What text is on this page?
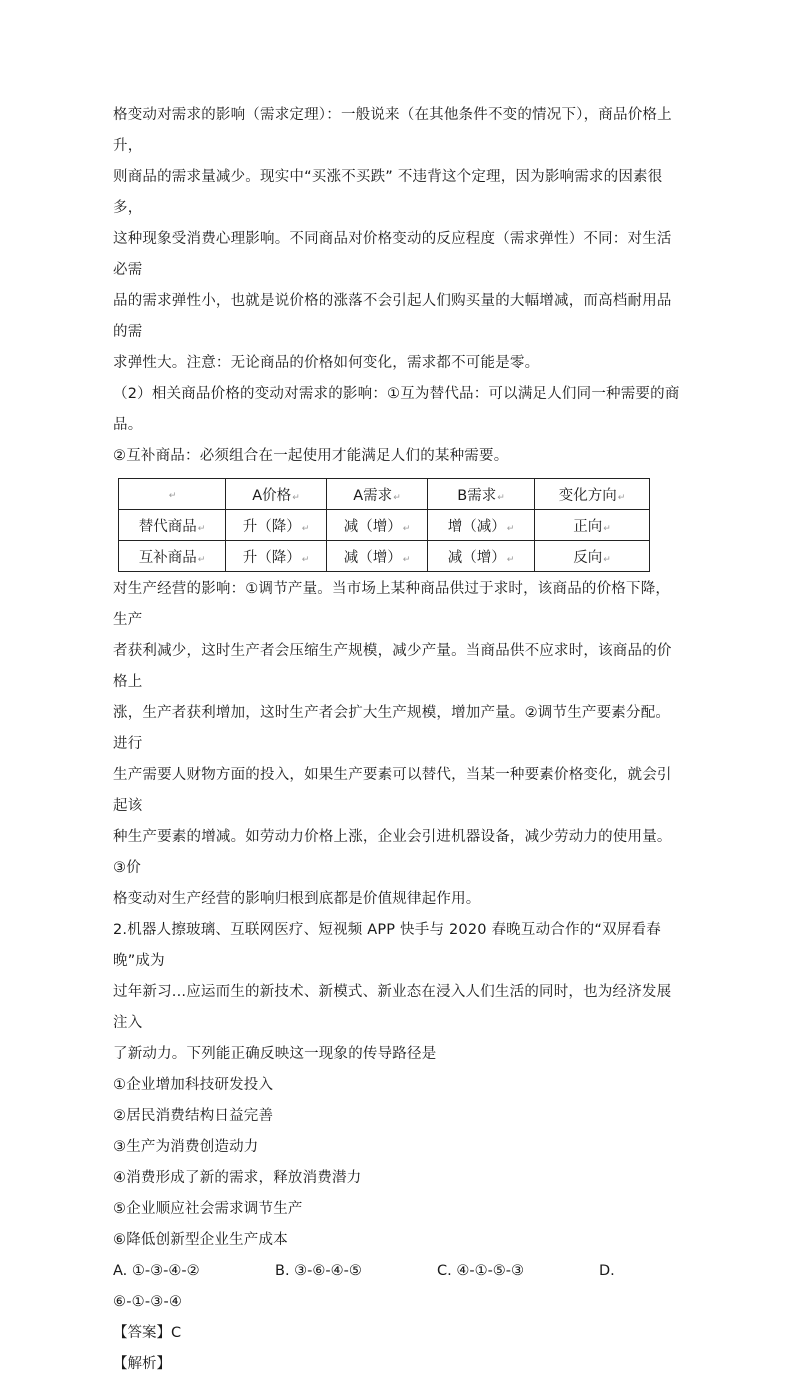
格变动对需求的影响（需求定理）：一般说来（在其他条件不变的情况下），商品价格上升，

则商品的需求量减少。现实中“买涨不买跌” 不违背这个定理，因为影响需求的因素很多，

这种现象受消费心理影响。不同商品对价格变动的反应程度（需求弹性）不同：对生活必需

品的需求弹性小，也就是说价格的涨落不会引起人们购买量的大幅增减，而高档耐用品的需

求弹性大。注意：无论商品的价格如何变化，需求都不可能是零。

（2）相关商品价格的变动对需求的影响：①互为替代品：可以满足人们同一种需要的商品。

②互补商品：必须组合在一起使用才能满足人们的某种需要。

↵	A价格↵	A需求↵	B需求↵	变化方向↵
替代商品↵	升（降）↵	减（增）↵	增（减）↵	正向↵
互补商品↵	升（降）↵	减（增）↵	减（增）↵	反向↵

对生产经营的影响：①调节产量。当市场上某种商品供过于求时，该商品的价格下降，生产

者获利减少，这时生产者会压缩生产规模，减少产量。当商品供不应求时，该商品的价格上

涨，生产者获利增加，这时生产者会扩大生产规模，增加产量。②调节生产要素分配。进行

生产需要人财物方面的投入，如果生产要素可以替代，当某一种要素价格变化，就会引起该

种生产要素的增减。如劳动力价格上涨，企业会引进机器设备，减少劳动力的使用量。③价

格变动对生产经营的影响归根到底都是价值规律起作用。

2.机器人擦玻璃、互联网医疗、短视频 APP 快手与 2020 春晚互动合作的“双屏看春晚”成为

过年新习...应运而生的新技术、新模式、新业态在浸入人们生活的同时，也为经济发展注入

了新动力。下列能正确反映这一现象的传导路径是

①企业增加科技研发投入

②居民消费结构日益完善

③生产为消费创造动力

④消费形成了新的需求，释放消费潜力

⑤企业顺应社会需求调节生产

⑥降低创新型企业生产成本

A. ①-③-④-②	B. ③-⑥-④-⑤	C. ④-①-⑤-③	D.

⑥-①-③-④

【答案】C

【解析】
